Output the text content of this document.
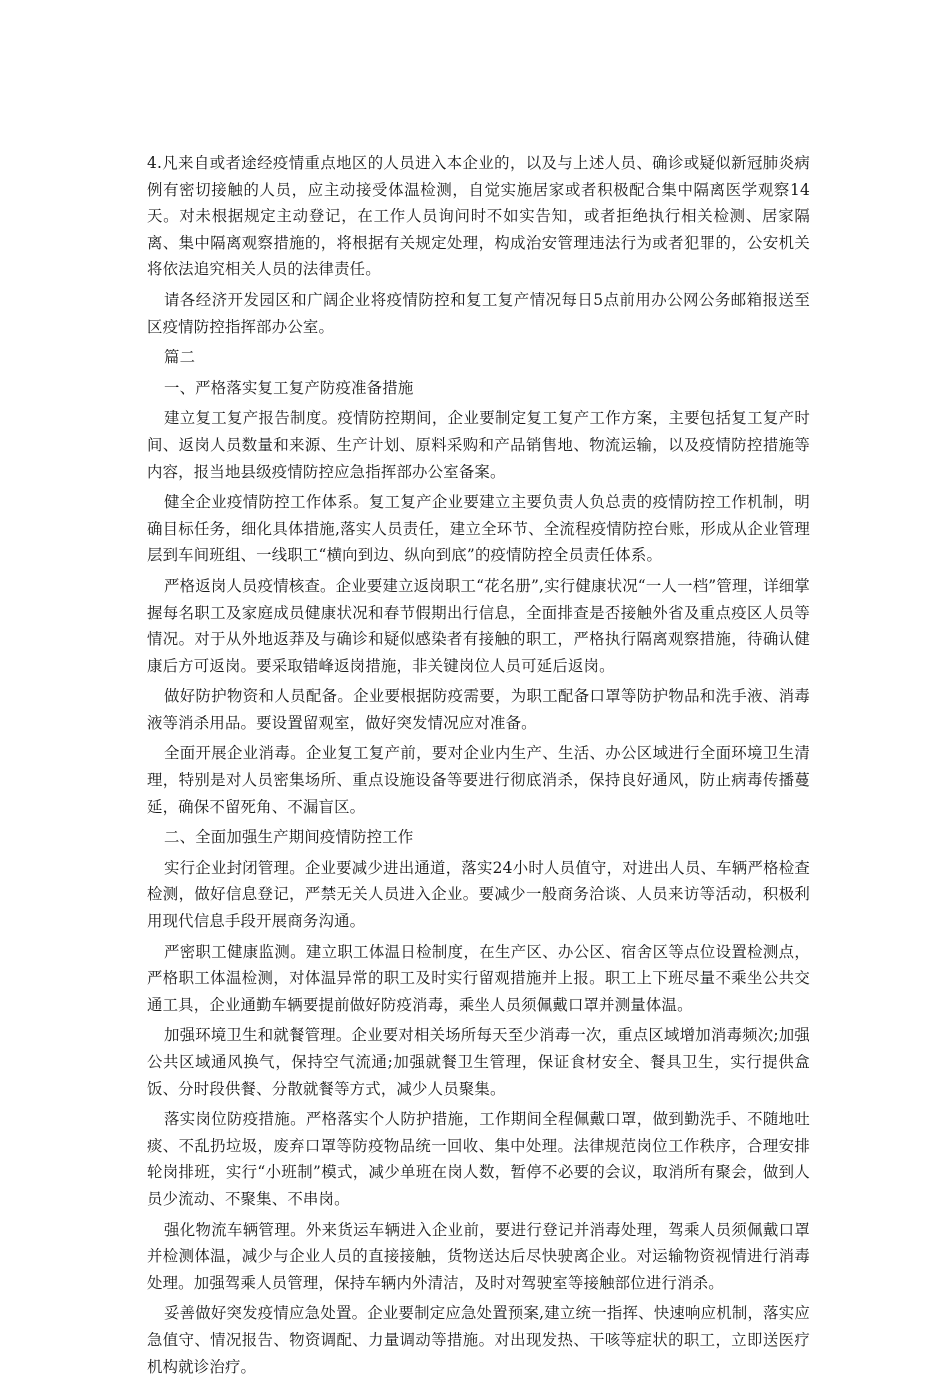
4.凡来自或者途经疫情重点地区的人员进入本企业的，以及与上述人员、确诊或疑似新冠肺炎病例有密切接触的人员，应主动接受体温检测，自觉实施居家或者积极配合集中隔离医学观察14天。对未根据规定主动登记，在工作人员询问时不如实告知，或者拒绝执行相关检测、居家隔离、集中隔离观察措施的，将根据有关规定处理，构成治安管理违法行为或者犯罪的，公安机关将依法追究相关人员的法律责任。

请各经济开发园区和广阔企业将疫情防控和复工复产情况每日5点前用办公网公务邮箱报送至区疫情防控指挥部办公室。

篇二

一、严格落实复工复产防疫准备措施

建立复工复产报告制度。疫情防控期间，企业要制定复工复产工作方案，主要包括复工复产时间、返岗人员数量和来源、生产计划、原料采购和产品销售地、物流运输，以及疫情防控措施等内容，报当地县级疫情防控应急指挥部办公室备案。

健全企业疫情防控工作体系。复工复产企业要建立主要负责人负总责的疫情防控工作机制，明确目标任务，细化具体措施,落实人员责任，建立全环节、全流程疫情防控台账，形成从企业管理层到车间班组、一线职工“横向到边、纵向到底”的疫情防控全员责任体系。

严格返岗人员疫情核查。企业要建立返岗职工“花名册”,实行健康状况“一人一档”管理，详细掌握每名职工及家庭成员健康状况和春节假期出行信息，全面排查是否接触外省及重点疫区人员等情况。对于从外地返莽及与确诊和疑似感染者有接触的职工，严格执行隔离观察措施，待确认健康后方可返岗。要采取错峰返岗措施，非关键岗位人员可延后返岗。

做好防护物资和人员配备。企业要根据防疫需要，为职工配备口罩等防护物品和洗手液、消毒液等消杀用品。要设置留观室，做好突发情况应对准备。

全面开展企业消毒。企业复工复产前，要对企业内生产、生活、办公区域进行全面环境卫生清理，特别是对人员密集场所、重点设施设备等要进行彻底消杀，保持良好通风，防止病毒传播蔓延，确保不留死角、不漏盲区。

二、全面加强生产期间疫情防控工作

实行企业封闭管理。企业要减少进出通道，落实24小时人员值守，对进出人员、车辆严格检查检测，做好信息登记，严禁无关人员进入企业。要减少一般商务洽谈、人员来访等活动，积极利用现代信息手段开展商务沟通。

严密职工健康监测。建立职工体温日检制度，在生产区、办公区、宿舍区等点位设置检测点，严格职工体温检测，对体温异常的职工及时实行留观措施并上报。职工上下班尽量不乘坐公共交通工具，企业通勤车辆要提前做好防疫消毒，乘坐人员须佩戴口罩并测量体温。

加强环境卫生和就餐管理。企业要对相关场所每天至少消毒一次，重点区域增加消毒频次;加强公共区域通风换气，保持空气流通;加强就餐卫生管理，保证食材安全、餐具卫生，实行提供盒饭、分时段供餐、分散就餐等方式，减少人员聚集。

落实岗位防疫措施。严格落实个人防护措施，工作期间全程佩戴口罩，做到勤洗手、不随地吐痰、不乱扔垃圾，废弃口罩等防疫物品统一回收、集中处理。法律规范岗位工作秩序，合理安排轮岗排班，实行“小班制”模式，减少单班在岗人数，暂停不必要的会议，取消所有聚会，做到人员少流动、不聚集、不串岗。

强化物流车辆管理。外来货运车辆进入企业前，要进行登记并消毒处理，驾乘人员须佩戴口罩并检测体温，减少与企业人员的直接接触，货物送达后尽快驶离企业。对运输物资视情进行消毒处理。加强驾乘人员管理，保持车辆内外清洁，及时对驾驶室等接触部位进行消杀。

妥善做好突发疫情应急处置。企业要制定应急处置预案,建立统一指挥、快速响应机制，落实应急值守、情况报告、物资调配、力量调动等措施。对出现发热、干咳等症状的职工，立即送医疗机构就诊治疗。
